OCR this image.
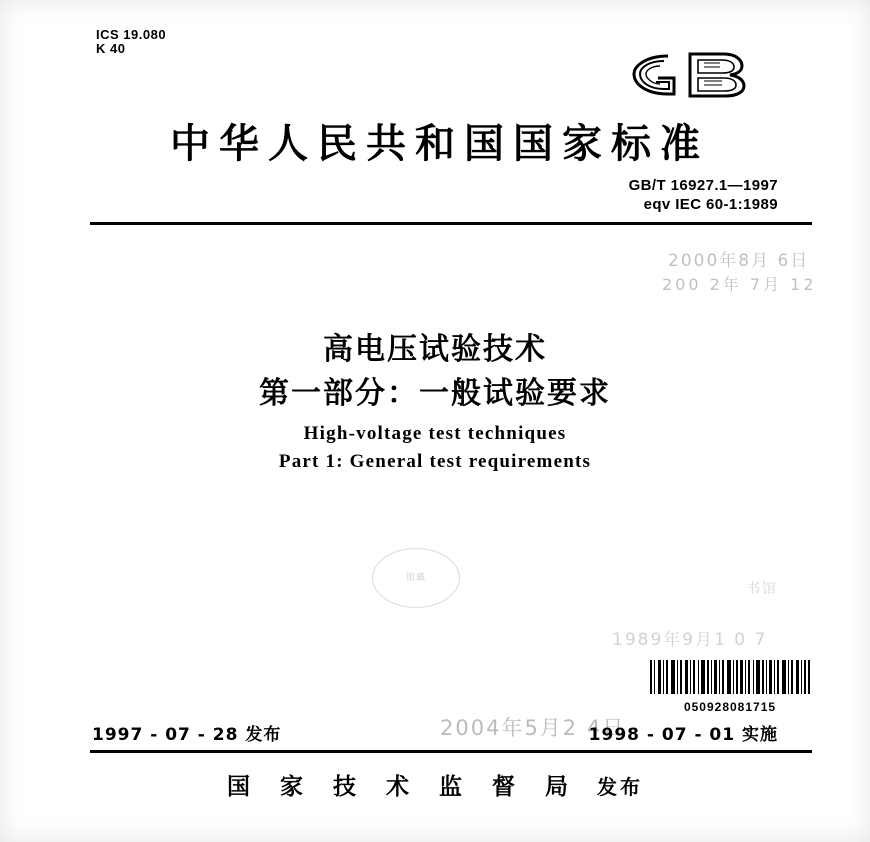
ICS 19.080
K 40
中华人民共和国国家标准
GB/T 16927.1—1997
eqv IEC 60-1:1989
2000年8月 6日
200 2年 7月 12
高电压试验技术
第一部分：一般试验要求
High-voltage test techniques
Part 1: General test requirements
馆藏
书馆
1989年9月1 0 7
2004年5月2 4日
050928081715
1997 - 07 - 28 发布	1998 - 07 - 01 实施
国 家 技 术 监 督 局 发布
